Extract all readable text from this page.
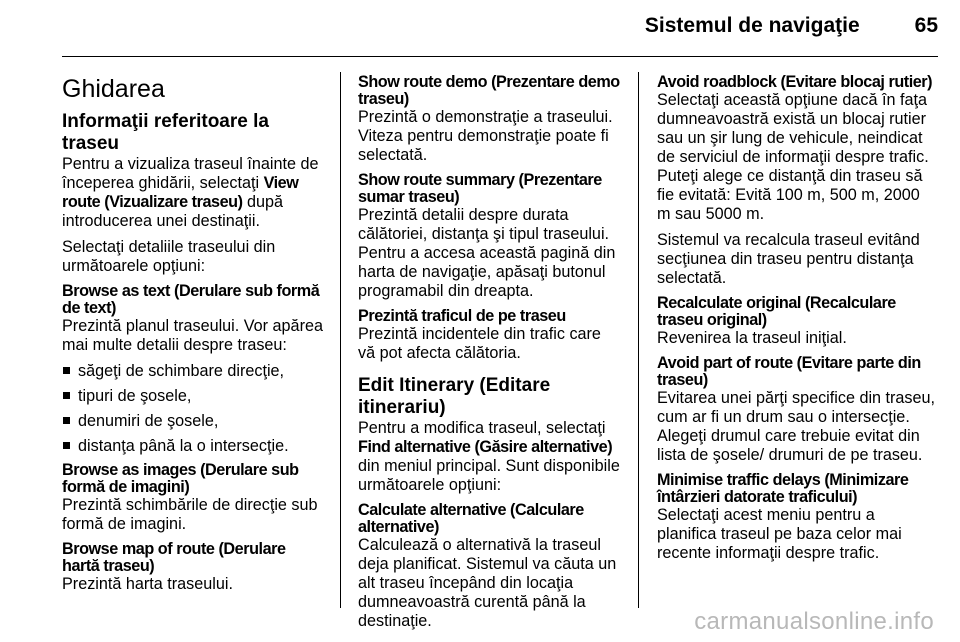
Sistemul de navigaţie	65
Ghidarea
Informaţii referitoare la traseu

Pentru a vizualiza traseul înainte de începerea ghidării, selectaţi View route (Vizualizare traseu) după introducerea unei destinaţii.

Selectaţi detaliile traseului din următoarele opţiuni:

Browse as text (Derulare sub formă de text)

Prezintă planul traseului. Vor apărea mai multe detalii despre traseu:

săgeţi de schimbare direcţie,
tipuri de şosele,
denumiri de şosele,
distanţa până la o intersecţie.
Browse as images (Derulare sub formă de imagini)

Prezintă schimbările de direcţie sub formă de imagini.

Browse map of route (Derulare hartă traseu)

Prezintă harta traseului.

Show route demo (Prezentare demo traseu)

Prezintă o demonstraţie a traseului. Viteza pentru demonstraţie poate fi selectată.

Show route summary (Prezentare sumar traseu)

Prezintă detalii despre durata călătoriei, distanţa şi tipul traseului. Pentru a accesa această pagină din harta de navigaţie, apăsaţi butonul programabil din dreapta.

Prezintă traficul de pe traseu

Prezintă incidentele din trafic care vă pot afecta călătoria.

Edit Itinerary (Editare itinerariu)

Pentru a modifica traseul, selectaţi Find alternative (Găsire alternative) din meniul principal. Sunt disponibile următoarele opţiuni:

Calculate alternative (Calculare alternative)

Calculează o alternativă la traseul deja planificat. Sistemul va căuta un alt traseu începând din locaţia dumneavoastră curentă până la destinaţie.

Avoid roadblock (Evitare blocaj rutier)

Selectaţi această opţiune dacă în faţa dumneavoastră există un blocaj rutier sau un şir lung de vehicule, neindicat de serviciul de informaţii despre trafic. Puteţi alege ce distanţă din traseu să fie evitată: Evită 100 m, 500 m, 2000 m sau 5000 m.

Sistemul va recalcula traseul evitând secţiunea din traseu pentru distanţa selectată.

Recalculate original (Recalculare traseu original)

Revenirea la traseul iniţial.

Avoid part of route (Evitare parte din traseu)

Evitarea unei părţi specifice din traseu, cum ar fi un drum sau o intersecţie. Alegeţi drumul care trebuie evitat din lista de şosele/ drumuri de pe traseu.

Minimise traffic delays (Minimizare întârzieri datorate traficului)

Selectaţi acest meniu pentru a planifica traseul pe baza celor mai recente informaţii despre trafic.

carmanualsonline.info
